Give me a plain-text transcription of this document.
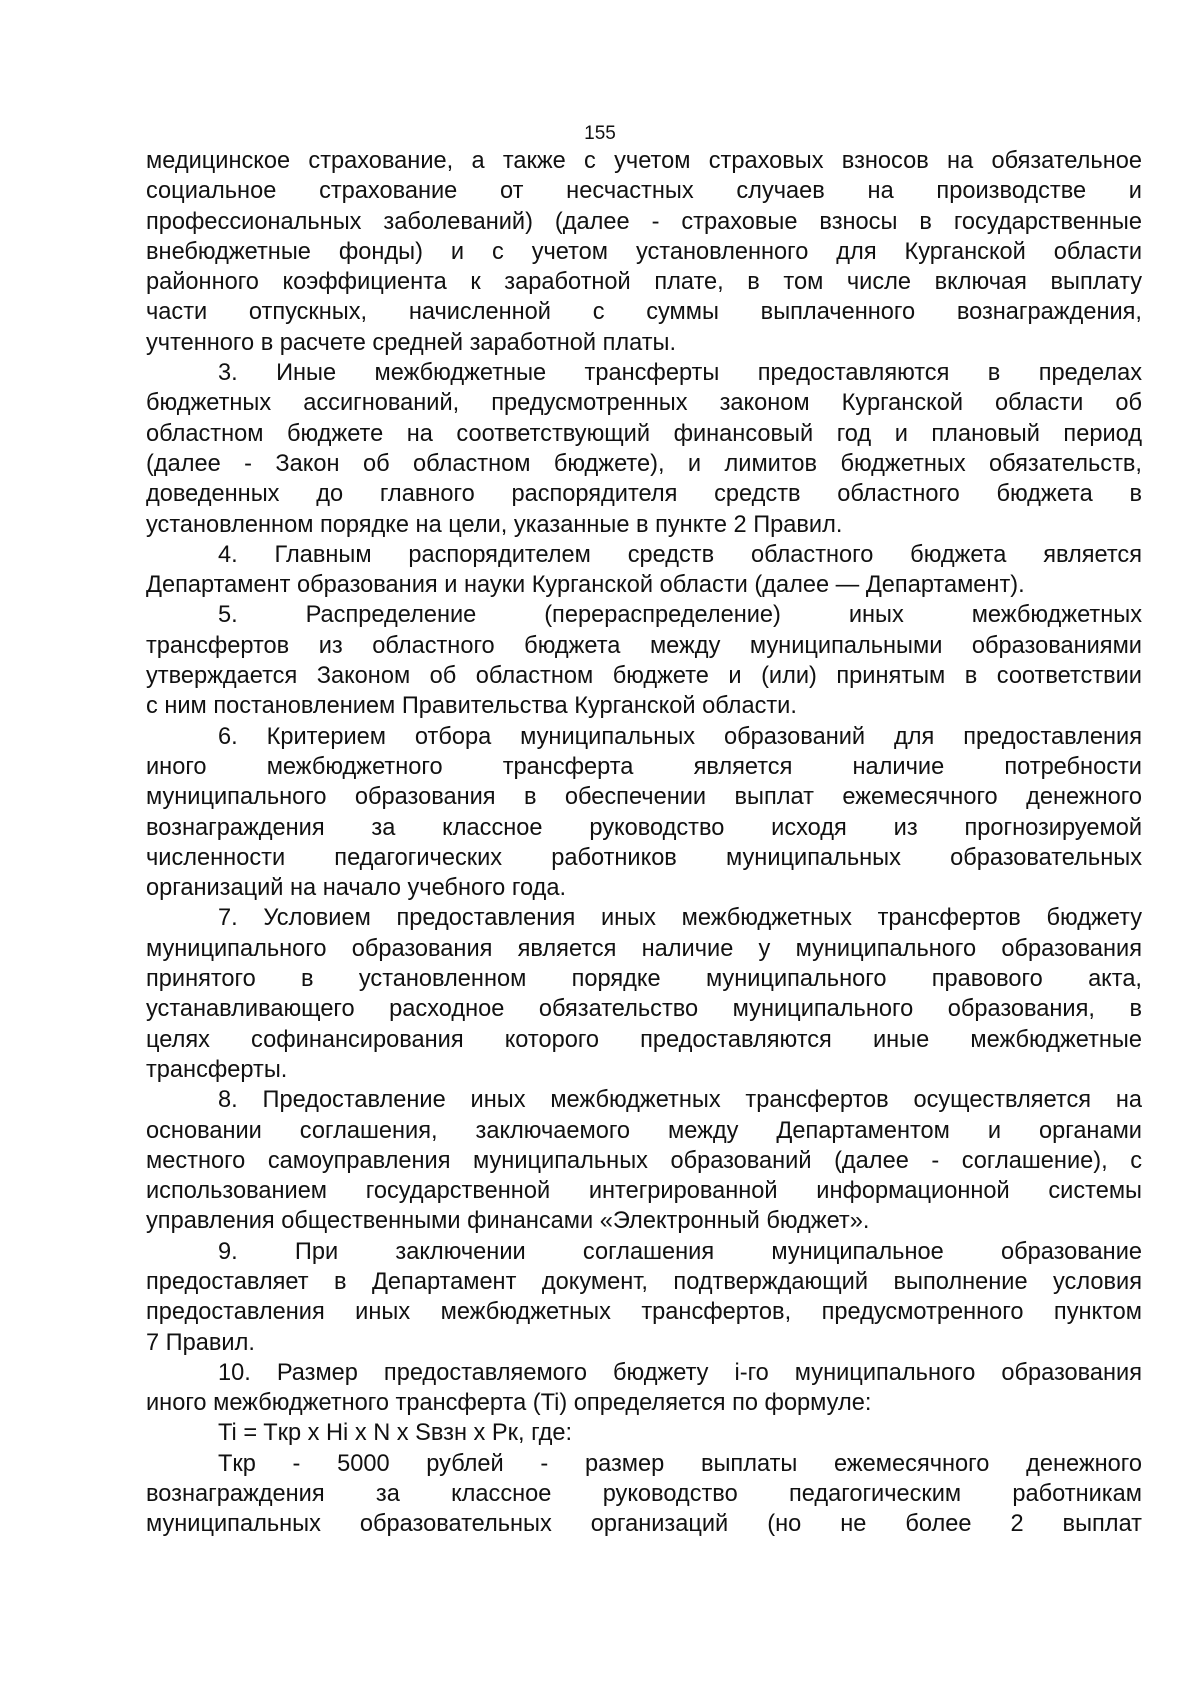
155
медицинское страхование, а также с учетом страховых взносов на обязательное
социальное страхование от несчастных случаев на производстве и
профессиональных заболеваний) (далее - страховые взносы в государственные
внебюджетные фонды) и с учетом установленного для Курганской области
районного коэффициента к заработной плате, в том числе включая выплату
части отпускных, начисленной с суммы выплаченного вознаграждения,
учтенного в расчете средней заработной платы.
3. Иные межбюджетные трансферты предоставляются в пределах
бюджетных ассигнований, предусмотренных законом Курганской области об
областном бюджете на соответствующий финансовый год и плановый период
(далее - Закон об областном бюджете), и лимитов бюджетных обязательств,
доведенных до главного распорядителя средств областного бюджета в
установленном порядке на цели, указанные в пункте 2 Правил.
4. Главным распорядителем средств областного бюджета является
Департамент образования и науки Курганской области (далее — Департамент).
5. Распределение (перераспределение) иных межбюджетных
трансфертов из областного бюджета между муниципальными образованиями
утверждается Законом об областном бюджете и (или) принятым в соответствии
с ним постановлением Правительства Курганской области.
6. Критерием отбора муниципальных образований для предоставления
иного межбюджетного трансферта является наличие потребности
муниципального образования в обеспечении выплат ежемесячного денежного
вознаграждения за классное руководство исходя из прогнозируемой
численности педагогических работников муниципальных образовательных
организаций на начало учебного года.
7. Условием предоставления иных межбюджетных трансфертов бюджету
муниципального образования является наличие у муниципального образования
принятого в установленном порядке муниципального правового акта,
устанавливающего расходное обязательство муниципального образования, в
целях софинансирования которого предоставляются иные межбюджетные
трансферты.
8. Предоставление иных межбюджетных трансфертов осуществляется на
основании соглашения, заключаемого между Департаментом и органами
местного самоуправления муниципальных образований (далее - соглашение), с
использованием государственной интегрированной информационной системы
управления общественными финансами «Электронный бюджет».
9. При заключении соглашения муниципальное образование
предоставляет в Департамент документ, подтверждающий выполнение условия
предоставления иных межбюджетных трансфертов, предусмотренного пунктом
7 Правил.
10. Размер предоставляемого бюджету i-го муниципального образования
иного межбюджетного трансферта (Ti) определяется по формуле:
Ti = Tкр x Hi x N x Sвзн x Pк, где:
Tкр - 5000 рублей - размер выплаты ежемесячного денежного
вознаграждения за классное руководство педагогическим работникам
муниципальных образовательных организаций (но не более 2 выплат
